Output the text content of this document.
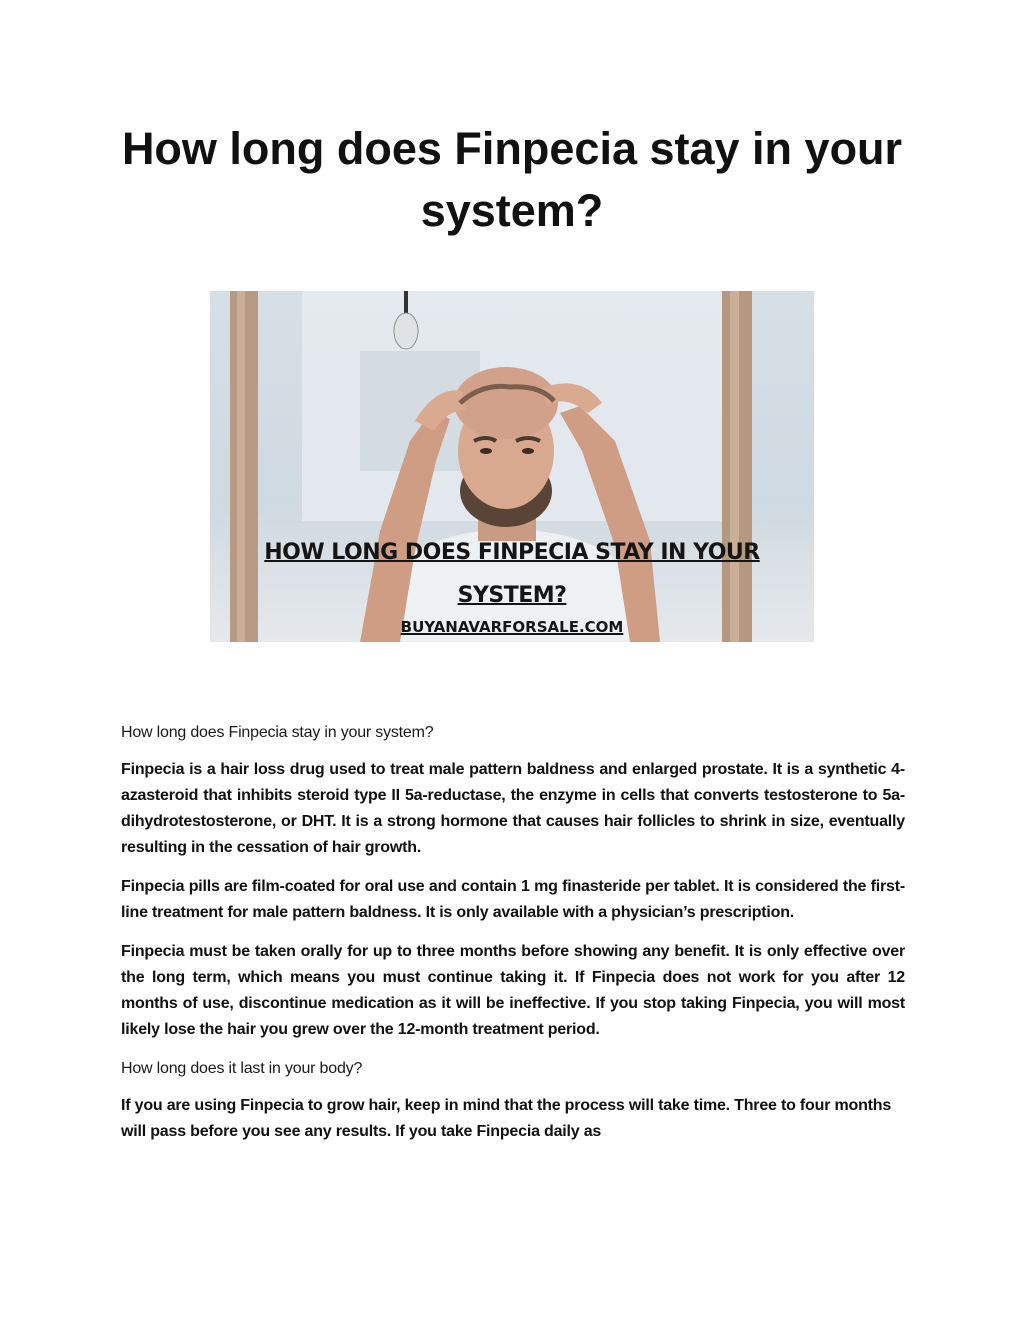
How long does Finpecia stay in your system?
HOW LONG DOES FINPECIA STAY IN YOUR
SYSTEM?
BUYANAVARFORSALE.COM

How long does Finpecia stay in your system?

Finpecia is a hair loss drug used to treat male pattern baldness and enlarged prostate. It is a synthetic 4-azasteroid that inhibits steroid type II 5a-reductase, the enzyme in cells that converts testosterone to 5a-dihydrotestosterone, or DHT. It is a strong hormone that causes hair follicles to shrink in size, eventually resulting in the cessation of hair growth.

Finpecia pills are film-coated for oral use and contain 1 mg finasteride per tablet. It is considered the first-line treatment for male pattern baldness. It is only available with a physician’s prescription.

Finpecia must be taken orally for up to three months before showing any benefit. It is only effective over the long term, which means you must continue taking it. If Finpecia does not work for you after 12 months of use, discontinue medication as it will be ineffective. If you stop taking Finpecia, you will most likely lose the hair you grew over the 12-month treatment period.

How long does it last in your body?

If you are using Finpecia to grow hair, keep in mind that the process will take time. Three to four months will pass before you see any results. If you take Finpecia daily as
